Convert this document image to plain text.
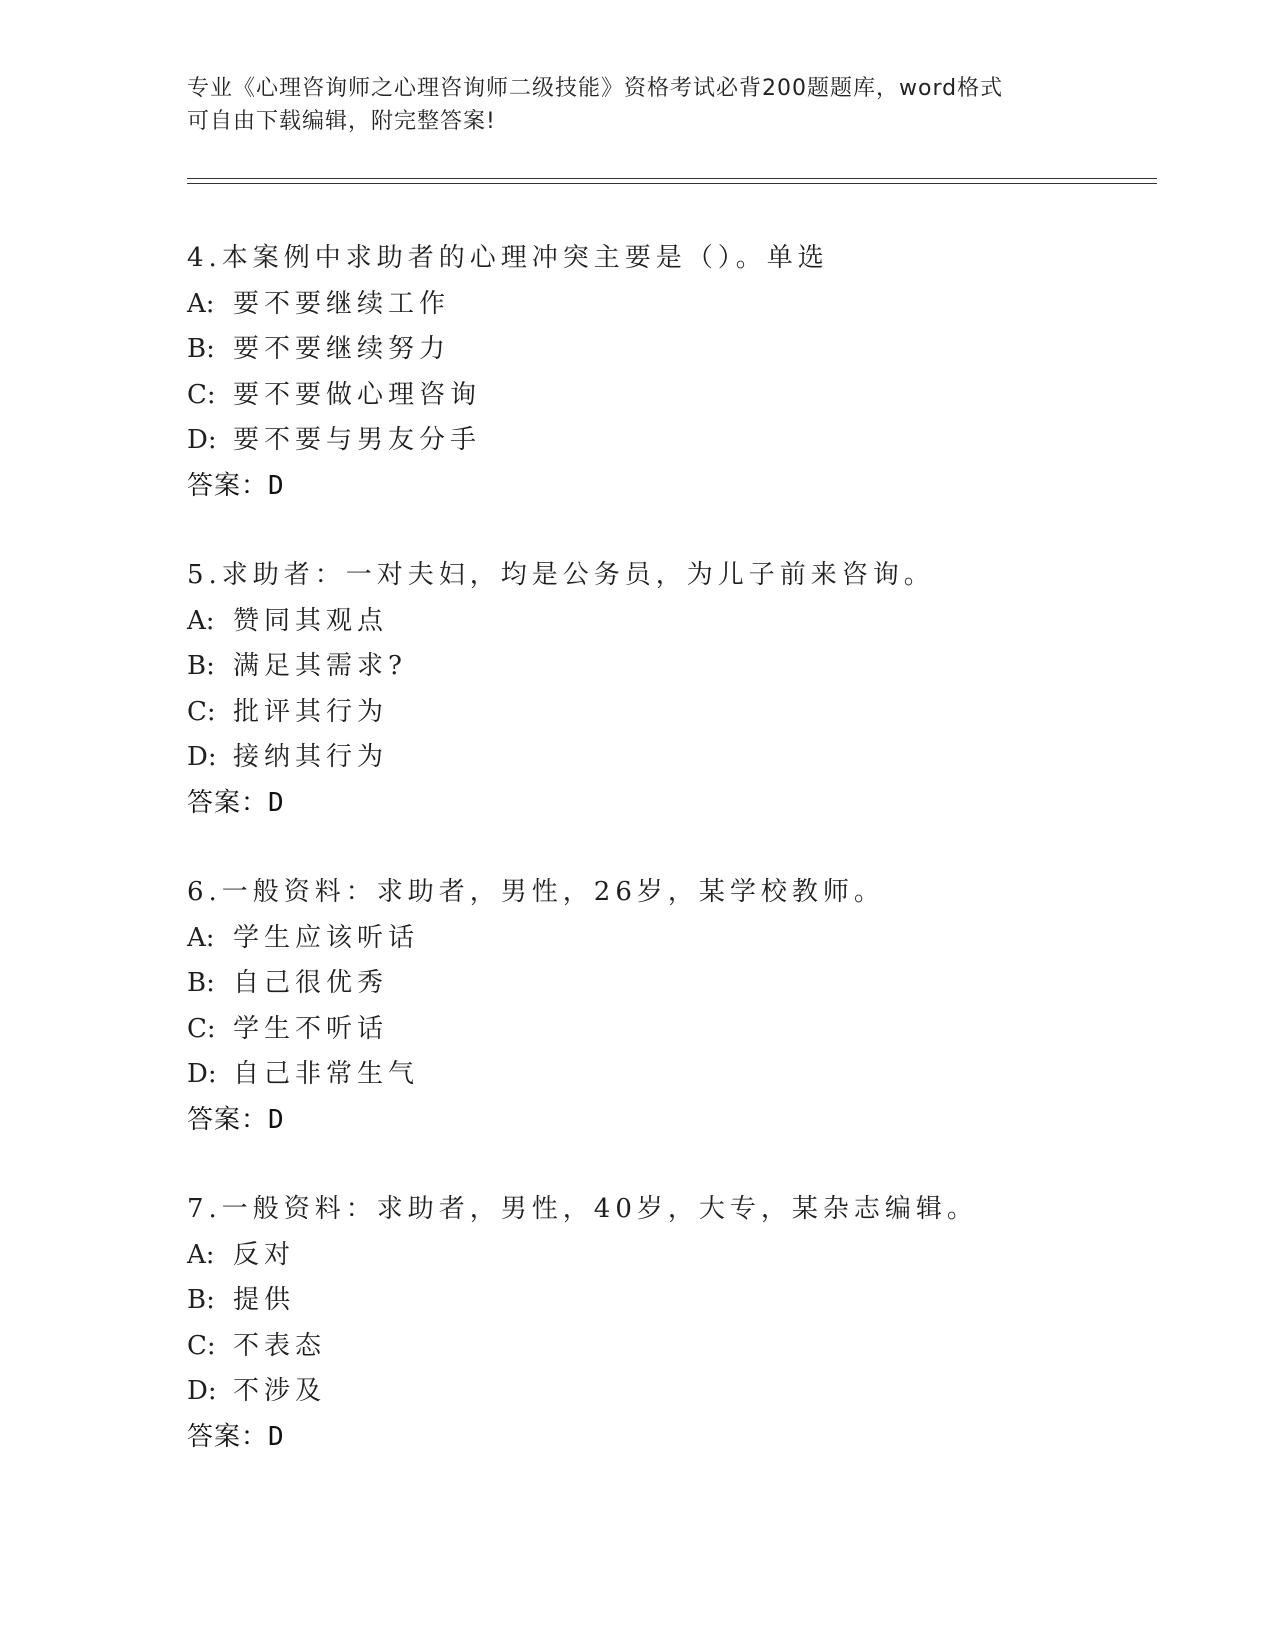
专业《心理咨询师之心理咨询师二级技能》资格考试必背200题题库，word格式
可自由下载编辑，附完整答案!
4.本案例中求助者的心理冲突主要是（）。单选
A: 要不要继续工作
B: 要不要继续努力
C: 要不要做心理咨询
D: 要不要与男友分手
答案：D
5.求助者：一对夫妇，均是公务员，为儿子前来咨询。
A: 赞同其观点
B: 满足其需求?
C: 批评其行为
D: 接纳其行为
答案：D
6.一般资料：求助者，男性，26岁，某学校教师。
A: 学生应该听话
B: 自己很优秀
C: 学生不听话
D: 自己非常生气
答案：D
7.一般资料：求助者，男性，40岁，大专，某杂志编辑。
A: 反对
B: 提供
C: 不表态
D: 不涉及
答案：D
